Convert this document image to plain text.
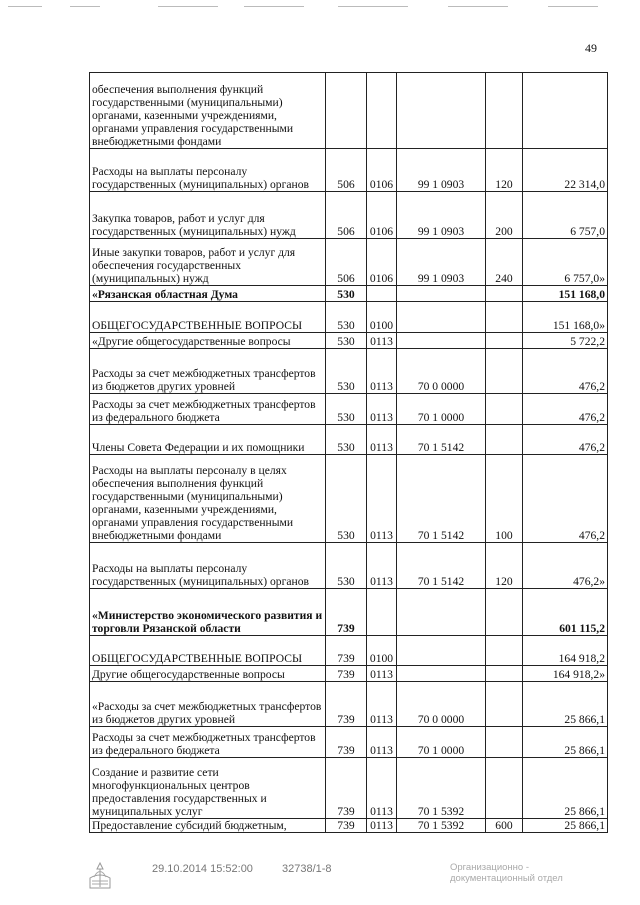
49
обеспечения выполнения функций государственными (муниципальными) органами, казенными учреждениями, органами управления государственными внебюджетными фондами					
Расходы на выплаты персоналу государственных (муниципальных) органов	506	0106	99 1 0903	120	22 314,0
Закупка товаров, работ и услуг для государственных (муниципальных) нужд	506	0106	99 1 0903	200	6 757,0
Иные закупки товаров, работ и услуг для обеспечения государственных (муниципальных) нужд	506	0106	99 1 0903	240	6 757,0»
«Рязанская областная Дума	530				151 168,0
ОБЩЕГОСУДАРСТВЕННЫЕ ВОПРОСЫ	530	0100			151 168,0»
«Другие общегосударственные вопросы	530	0113			5 722,2
Расходы за счет межбюджетных трансфертов из бюджетов других уровней	530	0113	70 0 0000		476,2
Расходы за счет межбюджетных трансфертов из федерального бюджета	530	0113	70 1 0000		476,2
Члены Совета Федерации и их помощники	530	0113	70 1 5142		476,2
Расходы на выплаты персоналу в целях обеспечения выполнения функций государственными (муниципальными) органами, казенными учреждениями, органами управления государственными внебюджетными фондами	530	0113	70 1 5142	100	476,2
Расходы на выплаты персоналу государственных (муниципальных) органов	530	0113	70 1 5142	120	476,2»
«Министерство экономического развития и торговли Рязанской области	739				601 115,2
ОБЩЕГОСУДАРСТВЕННЫЕ ВОПРОСЫ	739	0100			164 918,2
Другие общегосударственные вопросы	739	0113			164 918,2»
«Расходы за счет межбюджетных трансфертов из бюджетов других уровней	739	0113	70 0 0000		25 866,1
Расходы за счет межбюджетных трансфертов из федерального бюджета	739	0113	70 1 0000		25 866,1
Создание и развитие сети многофункциональных центров предоставления государственных и муниципальных услуг	739	0113	70 1 5392		25 866,1
Предоставление субсидий бюджетным,	739	0113	70 1 5392	600	25 866,1
29.10.2014 15:52:00	32738/1-8	Организационно -
документационный отдел
